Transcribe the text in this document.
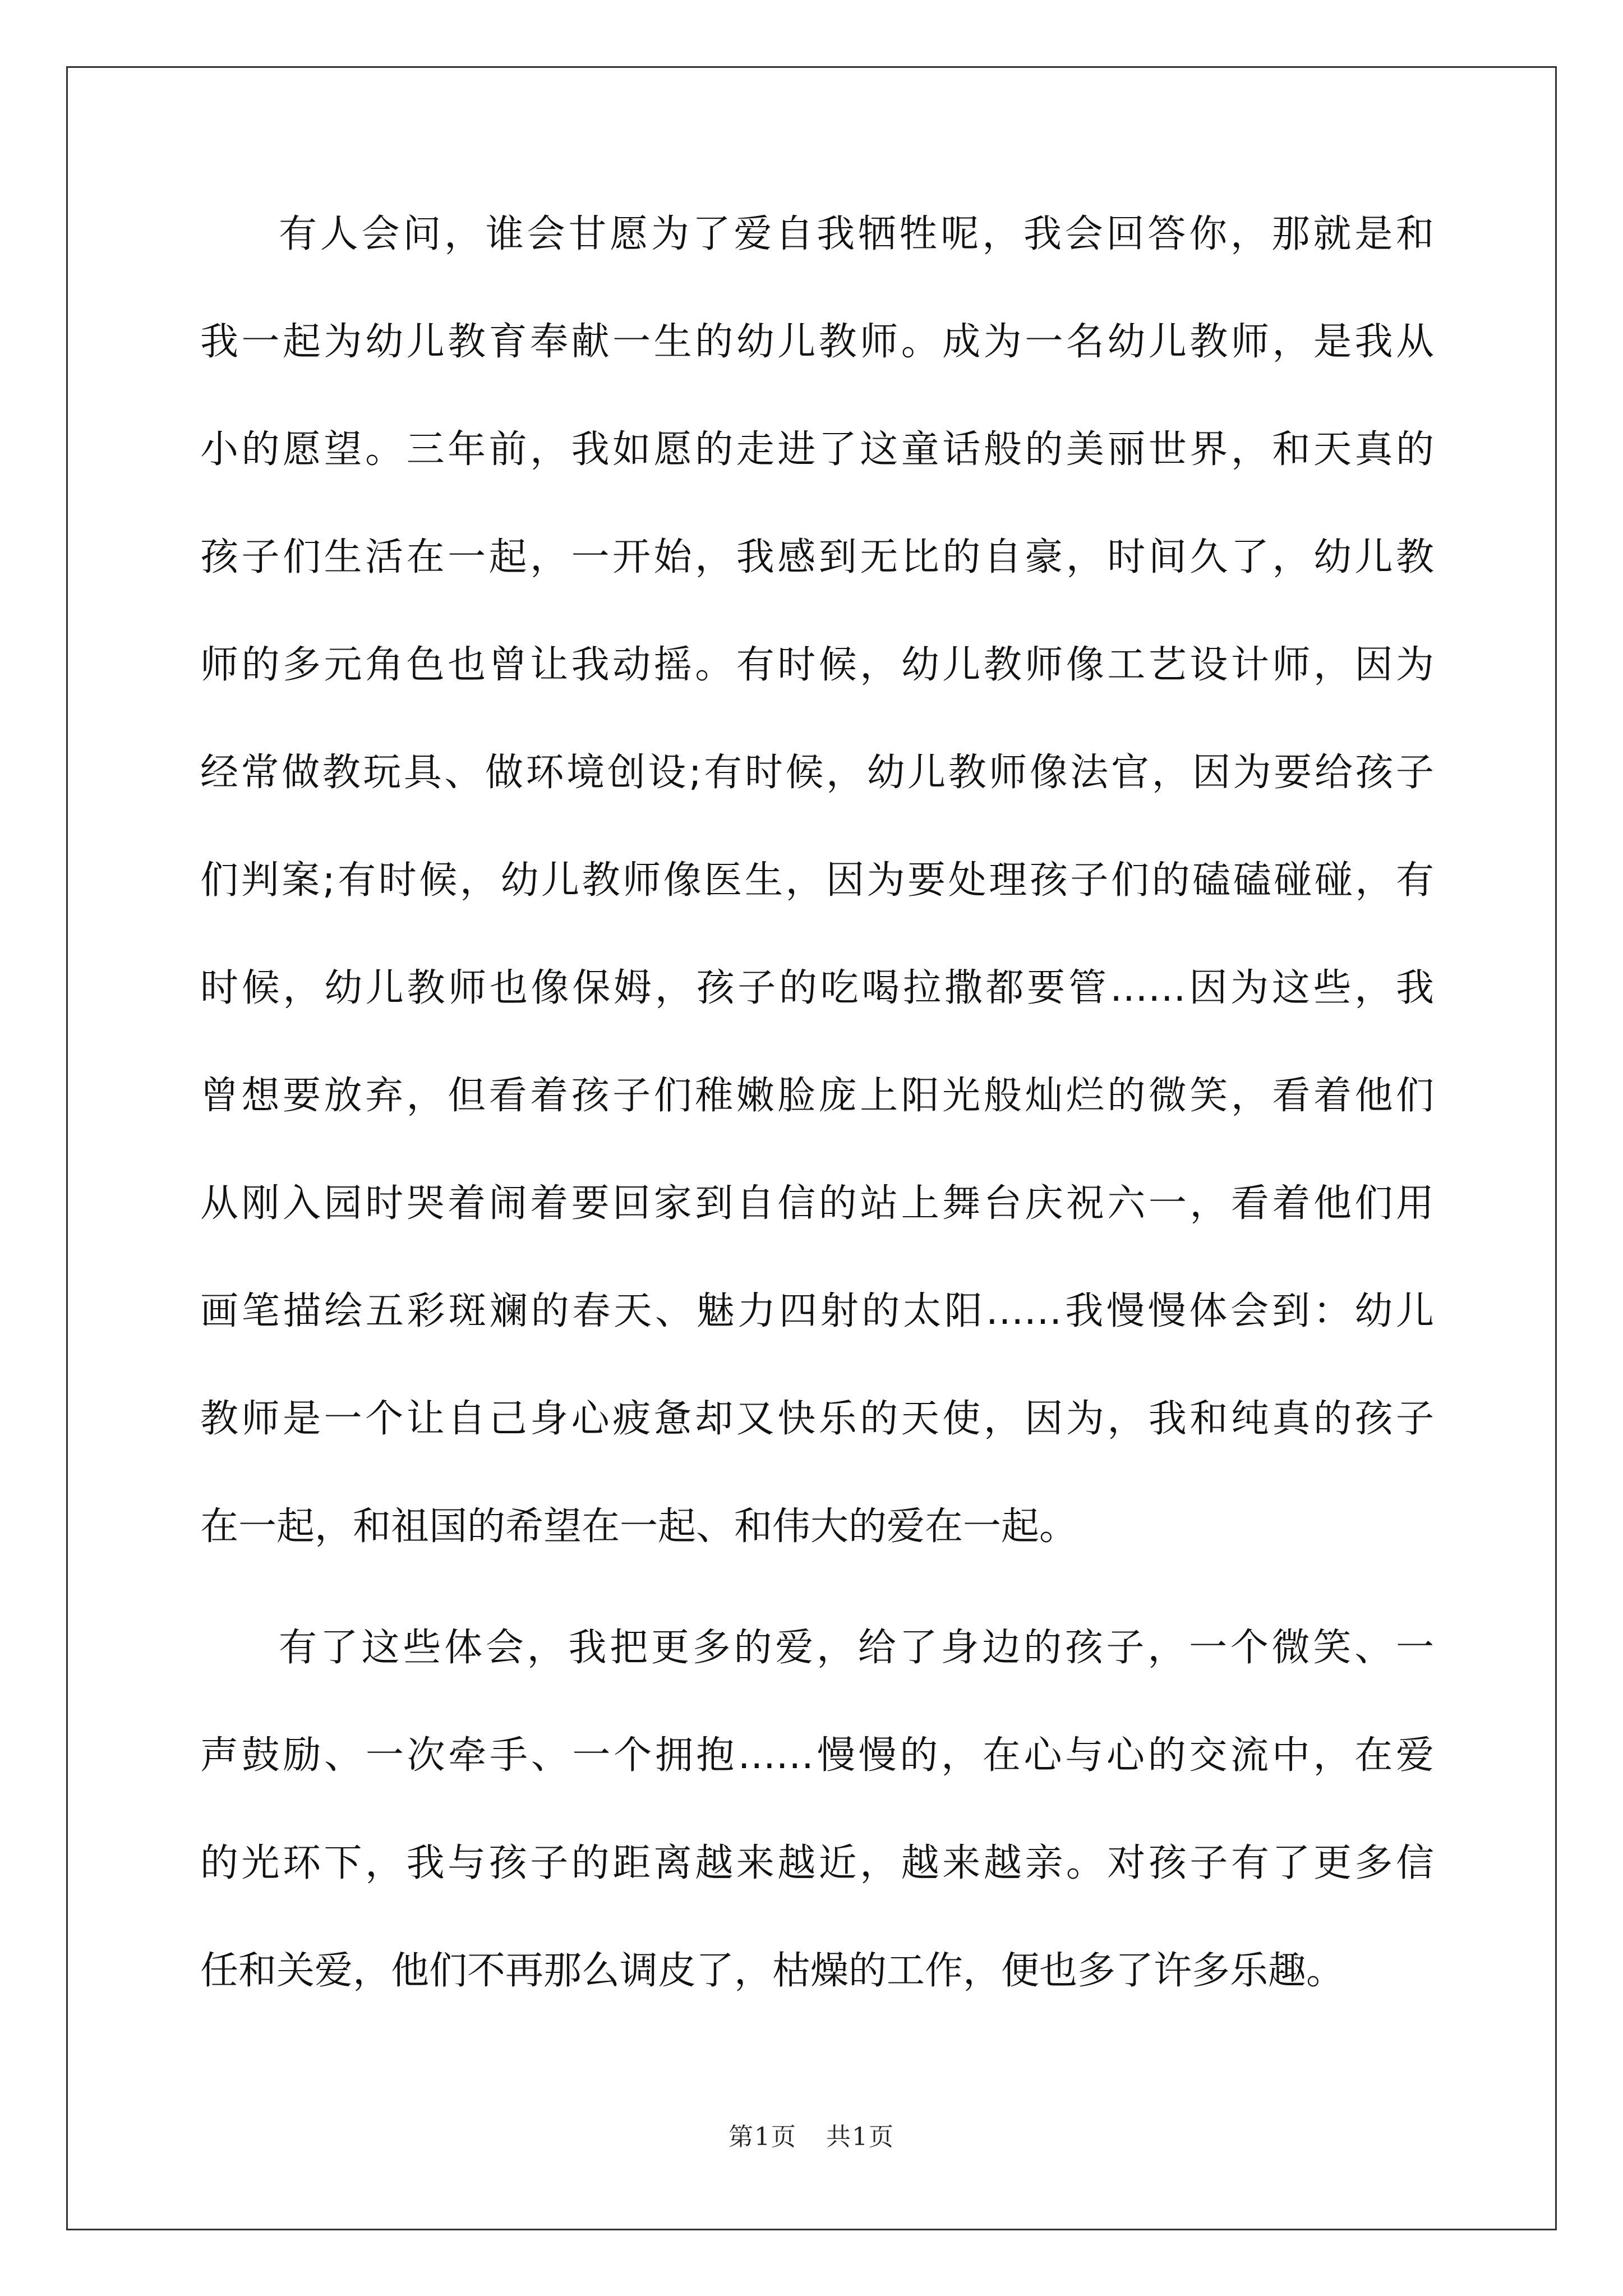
有人会问，谁会甘愿为了爱自我牺牲呢，我会回答你，那就是和
我一起为幼儿教育奉献一生的幼儿教师。成为一名幼儿教师，是我从
小的愿望。三年前，我如愿的走进了这童话般的美丽世界，和天真的
孩子们生活在一起，一开始，我感到无比的自豪，时间久了，幼儿教
师的多元角色也曾让我动摇。有时候，幼儿教师像工艺设计师，因为
经常做教玩具、做环境创设;有时候，幼儿教师像法官，因为要给孩子
们判案;有时候，幼儿教师像医生，因为要处理孩子们的磕磕碰碰，有
时候，幼儿教师也像保姆，孩子的吃喝拉撒都要管……因为这些，我
曾想要放弃，但看着孩子们稚嫩脸庞上阳光般灿烂的微笑，看着他们
从刚入园时哭着闹着要回家到自信的站上舞台庆祝六一，看着他们用
画笔描绘五彩斑斓的春天、魅力四射的太阳……我慢慢体会到：幼儿
教师是一个让自己身心疲惫却又快乐的天使，因为，我和纯真的孩子
在一起，和祖国的希望在一起、和伟大的爱在一起。
有了这些体会，我把更多的爱，给了身边的孩子，一个微笑、一
声鼓励、一次牵手、一个拥抱……慢慢的，在心与心的交流中，在爱
的光环下，我与孩子的距离越来越近，越来越亲。对孩子有了更多信
任和关爱，他们不再那么调皮了，枯燥的工作，便也多了许多乐趣。
第1页 共1页
